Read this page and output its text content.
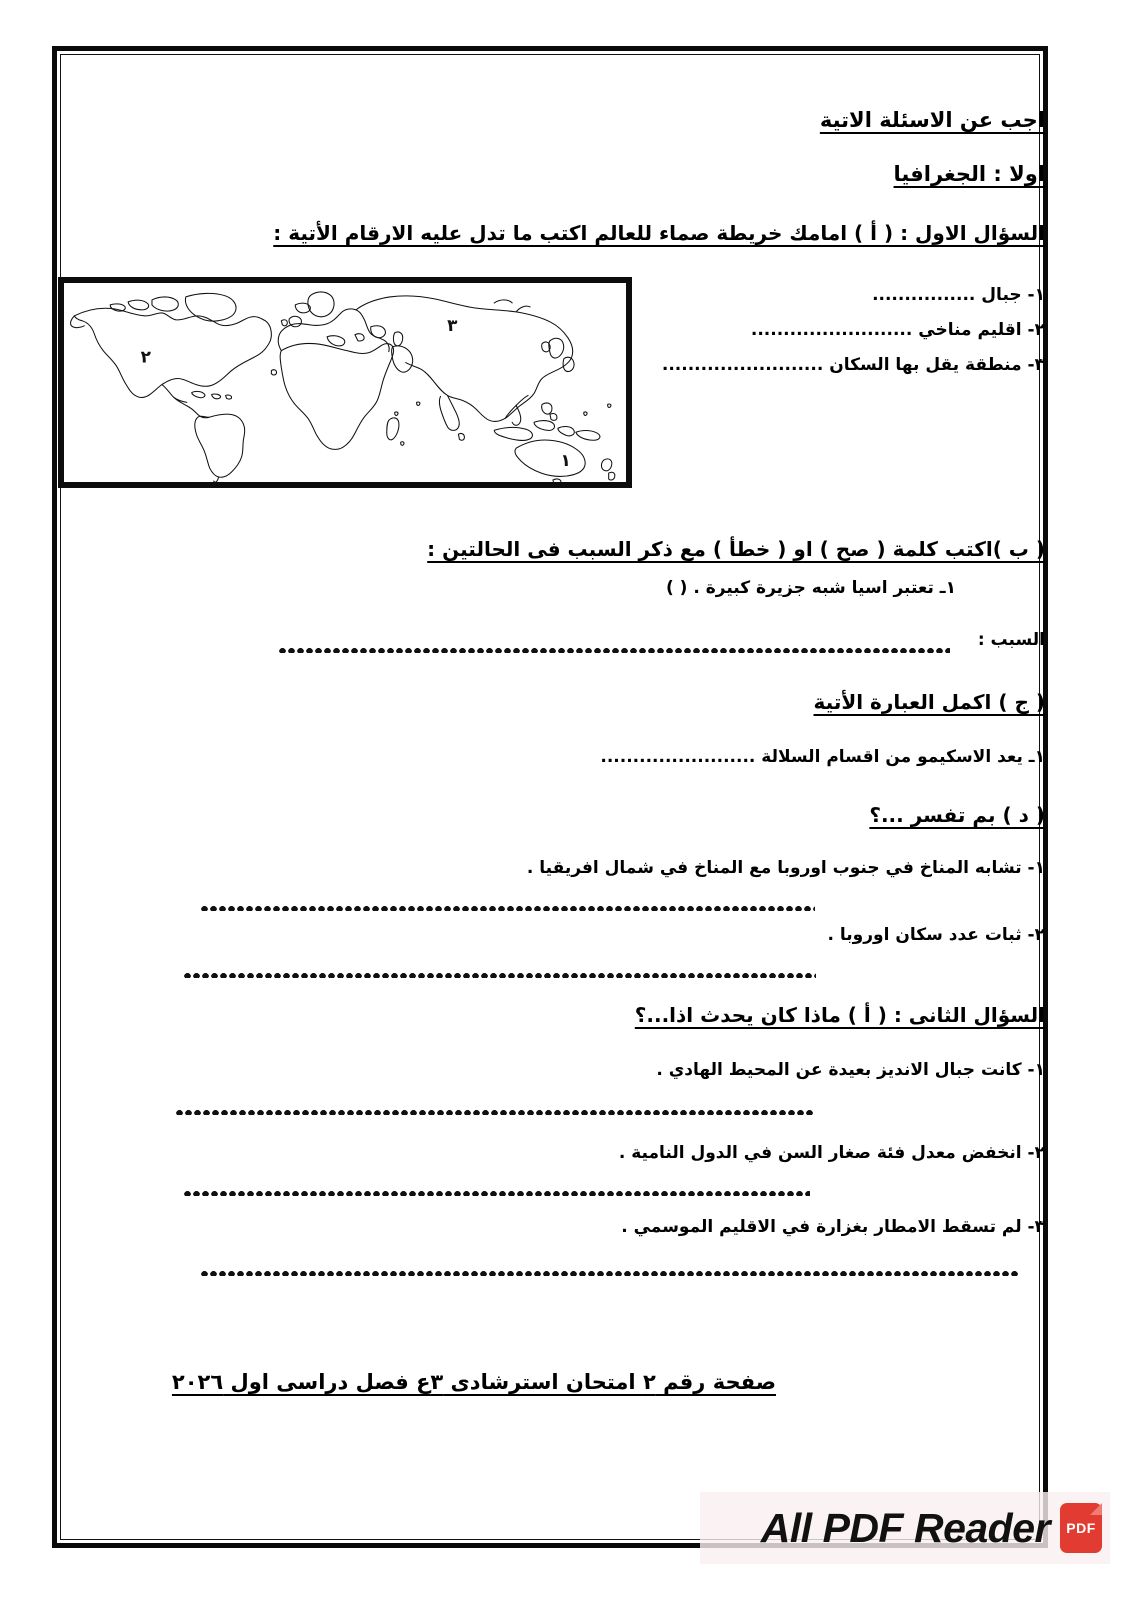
اجب عن الاسئلة الاتية
اولا : الجغرافيا
السؤال الاول : ( أ ) امامك خريطة صماء للعالم اكتب ما تدل عليه الارقام الأتية :
١- جبال ................
٢- اقليم مناخي .........................
٣- منطقة يقل بها السكان .........................
٢
٣
١
( ب )اكتب كلمة ( صح ) او ( خطأ ) مع ذكر السبب فى الحالتين :
١ـ تعتبر اسيا شبه جزيرة كبيرة . ( )
السبب :
( ج ) اكمل العبارة الأتية
١ـ يعد الاسكيمو من اقسام السلالة ........................
( د ) بم تفسر ...؟
١- تشابه المناخ في جنوب اوروبا مع المناخ في شمال افريقيا .
٢- ثبات عدد سكان اوروبا .
السؤال الثانى : ( أ ) ماذا كان يحدث اذا...؟
١- كانت جبال الانديز بعيدة عن المحيط الهادي .
٢- انخفض معدل فئة صغار السن في الدول النامية .
٣- لم تسقط الامطار بغزارة في الاقليم الموسمي .
صفحة رقم ٢ امتحان استرشادى ٣ع فصل دراسى اول ٢٠٢٦
PDF
All PDF Reader
